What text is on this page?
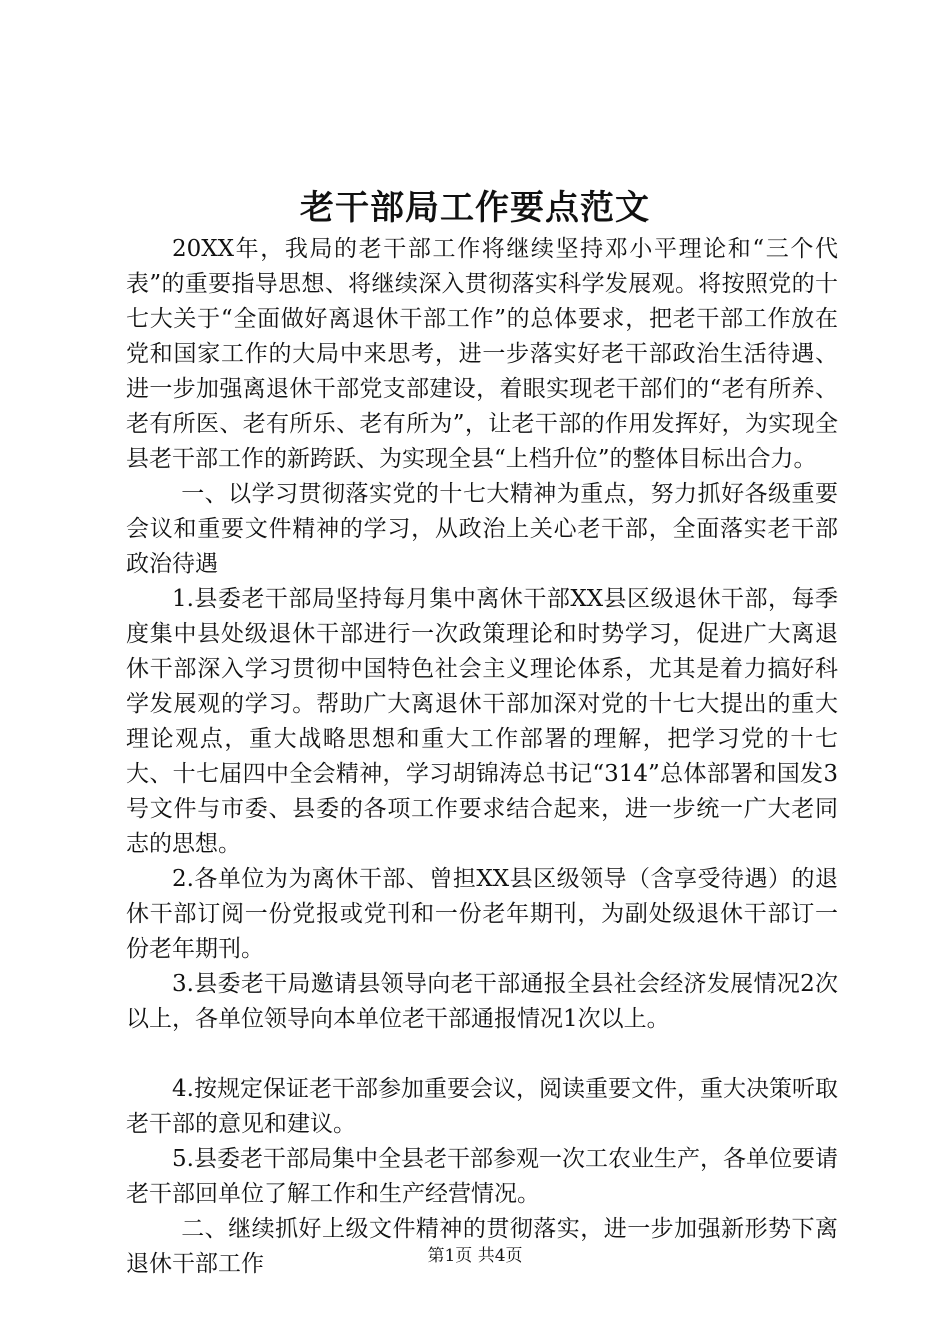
老干部局工作要点范文

20XX年，我局的老干部工作将继续坚持邓小平理论和“三个代表”的重要指导思想、将继续深入贯彻落实科学发展观。将按照党的十七大关于“全面做好离退休干部工作”的总体要求，把老干部工作放在党和国家工作的大局中来思考，进一步落实好老干部政治生活待遇、进一步加强离退休干部党支部建设，着眼实现老干部们的“老有所养、老有所医、老有所乐、老有所为”，让老干部的作用发挥好，为实现全县老干部工作的新跨跃、为实现全县“上档升位”的整体目标出合力。

一、以学习贯彻落实党的十七大精神为重点，努力抓好各级重要会议和重要文件精神的学习，从政治上关心老干部，全面落实老干部政治待遇

1.县委老干部局坚持每月集中离休干部XX县区级退休干部，每季度集中县处级退休干部进行一次政策理论和时势学习，促进广大离退休干部深入学习贯彻中国特色社会主义理论体系，尤其是着力搞好科学发展观的学习。帮助广大离退休干部加深对党的十七大提出的重大理论观点，重大战略思想和重大工作部署的理解，把学习党的十七大、十七届四中全会精神，学习胡锦涛总书记“314”总体部署和国发3号文件与市委、县委的各项工作要求结合起来，进一步统一广大老同志的思想。

2.各单位为为离休干部、曾担XX县区级领导（含享受待遇）的退休干部订阅一份党报或党刊和一份老年期刊，为副处级退休干部订一份老年期刊。

3.县委老干局邀请县领导向老干部通报全县社会经济发展情况2次以上，各单位领导向本单位老干部通报情况1次以上。

4.按规定保证老干部参加重要会议，阅读重要文件，重大决策听取老干部的意见和建议。

5.县委老干部局集中全县老干部参观一次工农业生产，各单位要请老干部回单位了解工作和生产经营情况。

二、继续抓好上级文件精神的贯彻落实，进一步加强新形势下离退休干部工作	第1页 共4页
